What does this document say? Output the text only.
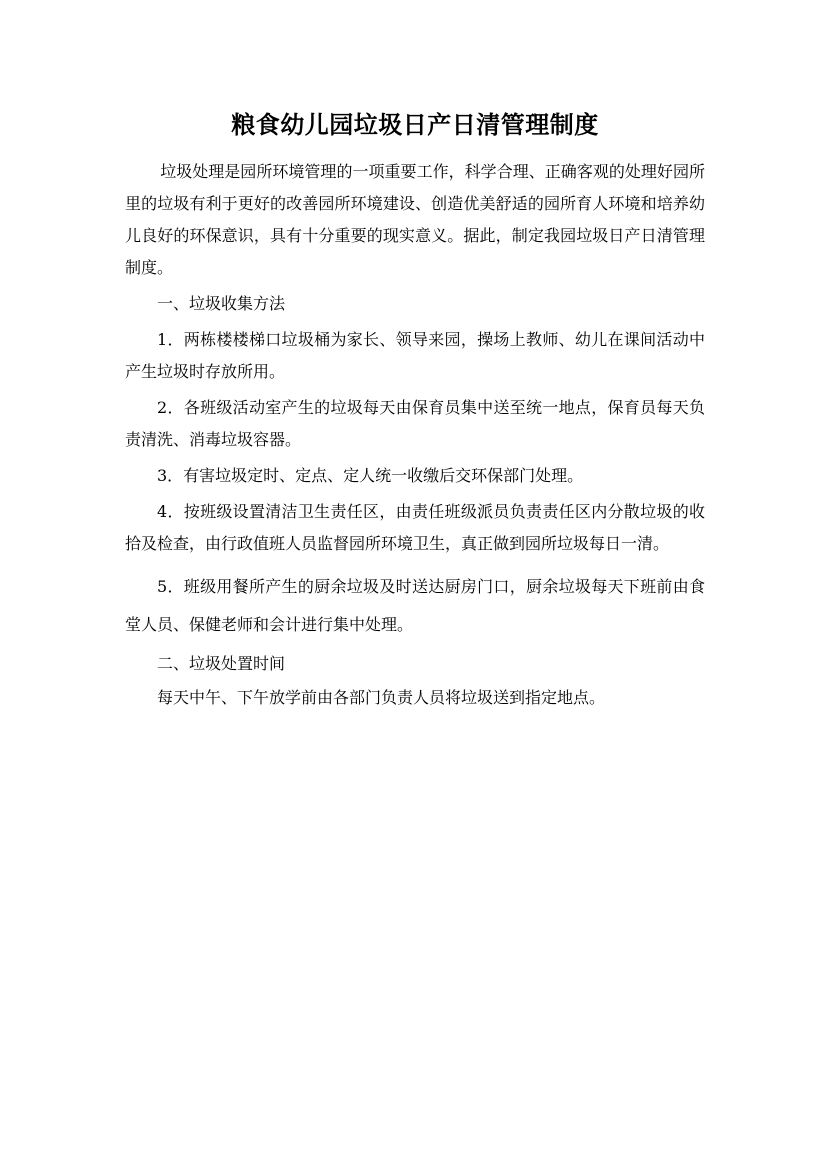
粮食幼儿园垃圾日产日清管理制度

垃圾处理是园所环境管理的一项重要工作，科学合理、正确客观的处理好园所里的垃圾有利于更好的改善园所环境建设、创造优美舒适的园所育人环境和培养幼儿良好的环保意识，具有十分重要的现实意义。据此，制定我园垃圾日产日清管理制度。

一、垃圾收集方法

1．两栋楼楼梯口垃圾桶为家长、领导来园，操场上教师、幼儿在课间活动中产生垃圾时存放所用。

2．各班级活动室产生的垃圾每天由保育员集中送至统一地点，保育员每天负责清洗、消毒垃圾容器。

3．有害垃圾定时、定点、定人统一收缴后交环保部门处理。

4．按班级设置清洁卫生责任区，由责任班级派员负责责任区内分散垃圾的收拾及检查，由行政值班人员监督园所环境卫生，真正做到园所垃圾每日一清。

5．班级用餐所产生的厨余垃圾及时送达厨房门口，厨余垃圾每天下班前由食堂人员、保健老师和会计进行集中处理。

二、垃圾处置时间

每天中午、下午放学前由各部门负责人员将垃圾送到指定地点。
